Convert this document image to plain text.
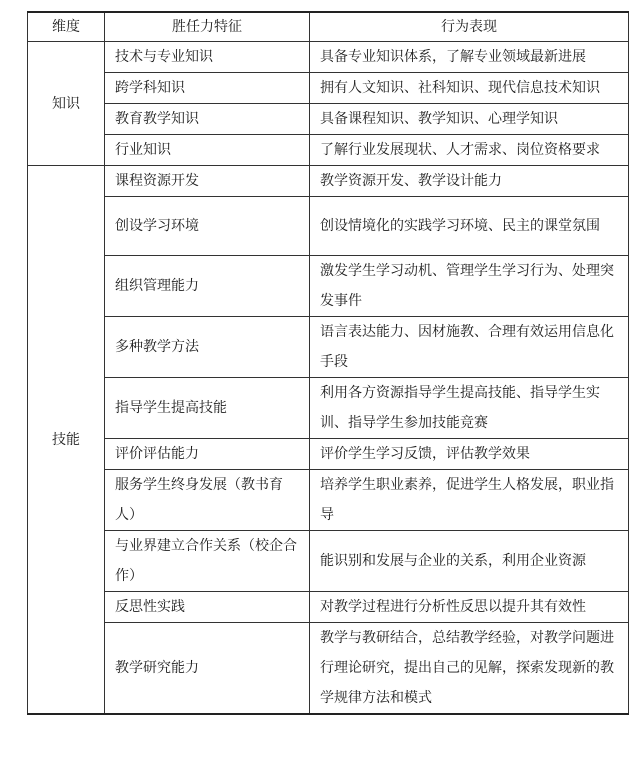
维度	胜任力特征	行为表现
知识	技术与专业知识	具备专业知识体系，了解专业领域最新进展
	跨学科知识	拥有人文知识、社科知识、现代信息技术知识
	教育教学知识	具备课程知识、教学知识、心理学知识
	行业知识	了解行业发展现状、人才需求、岗位资格要求
技能	课程资源开发	教学资源开发、教学设计能力
	创设学习环境	创设情境化的实践学习环境、民主的课堂氛围
	组织管理能力	激发学生学习动机、管理学生学习行为、处理突发事件
	多种教学方法	语言表达能力、因材施教、合理有效运用信息化手段
	指导学生提高技能	利用各方资源指导学生提高技能、指导学生实训、指导学生参加技能竞赛
	评价评估能力	评价学生学习反馈，评估教学效果
	服务学生终身发展（教书育人）	培养学生职业素养，促进学生人格发展，职业指导
	与业界建立合作关系（校企合作）	能识别和发展与企业的关系，利用企业资源
	反思性实践	对教学过程进行分析性反思以提升其有效性
	教学研究能力	教学与教研结合，总结教学经验，对教学问题进行理论研究，提出自己的见解，探索发现新的教学规律方法和模式
